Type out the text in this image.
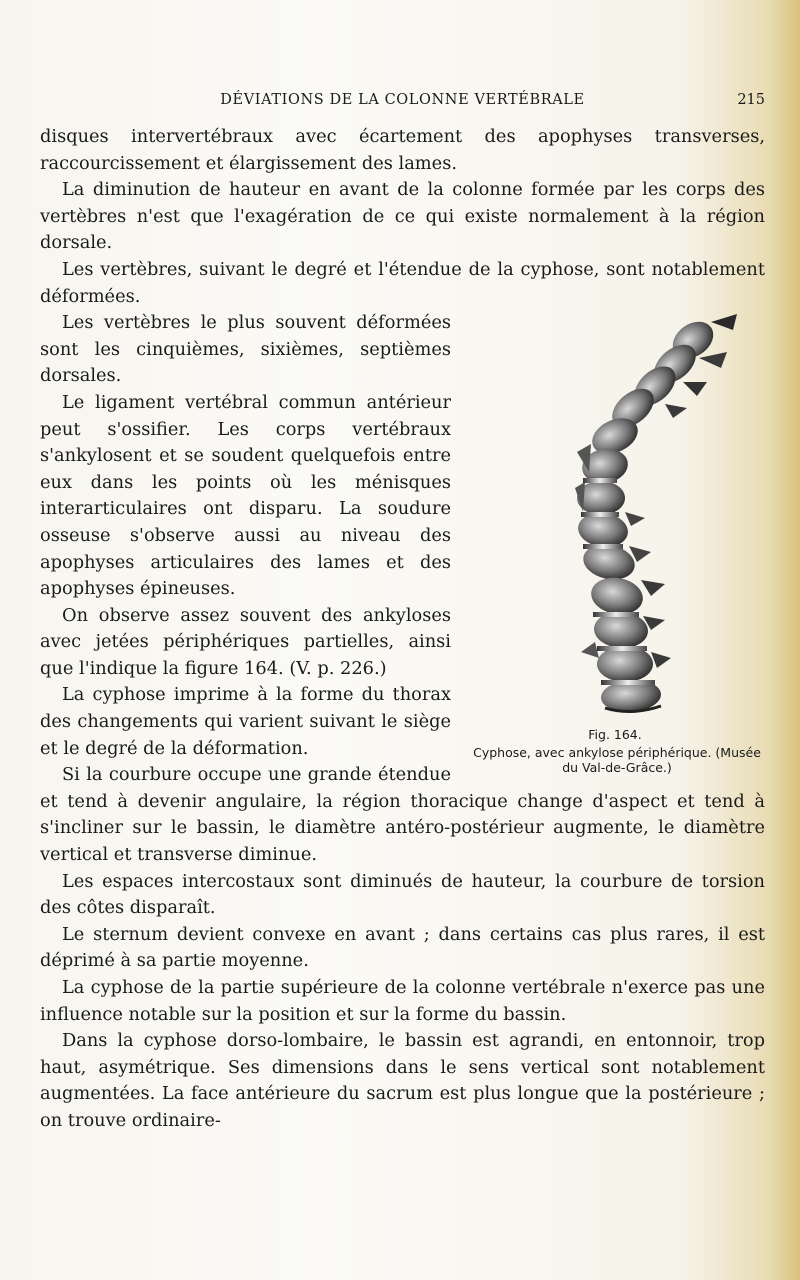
DÉVIATIONS DE LA COLONNE VERTÉBRALE	215

disques intervertébraux avec écartement des apophyses transverses, raccourcissement et élargissement des lames.

La diminution de hauteur en avant de la colonne formée par les corps des vertèbres n'est que l'exagération de ce qui existe normalement à la région dorsale.

Les vertèbres, suivant le degré et l'étendue de la cyphose, sont notablement déformées.

Fig. 164.
Cyphose, avec ankylose périphérique. (Musée du Val-de-Grâce.)

Les vertèbres le plus souvent déformées sont les cinquièmes, sixièmes, septièmes dorsales.

Le ligament vertébral commun antérieur peut s'ossifier. Les corps vertébraux s'ankylosent et se soudent quelquefois entre eux dans les points où les ménisques interarticulaires ont disparu. La soudure osseuse s'observe aussi au niveau des apophyses articulaires des lames et des apophyses épineuses.

On observe assez souvent des ankyloses avec jetées périphériques partielles, ainsi que l'indique la figure 164. (V. p. 226.)

La cyphose imprime à la forme du thorax des changements qui varient suivant le siège et le degré de la déformation.

Si la courbure occupe une grande étendue et tend à devenir angulaire, la région thoracique change d'aspect et tend à s'incliner sur le bassin, le diamètre antéro-postérieur augmente, le diamètre vertical et transverse diminue.

Les espaces intercostaux sont diminués de hauteur, la courbure de torsion des côtes disparaît.

Le sternum devient convexe en avant ; dans certains cas plus rares, il est déprimé à sa partie moyenne.

La cyphose de la partie supérieure de la colonne vertébrale n'exerce pas une influence notable sur la position et sur la forme du bassin.

Dans la cyphose dorso-lombaire, le bassin est agrandi, en entonnoir, trop haut, asymétrique. Ses dimensions dans le sens vertical sont notablement augmentées. La face antérieure du sacrum est plus longue que la postérieure ; on trouve ordinaire-
